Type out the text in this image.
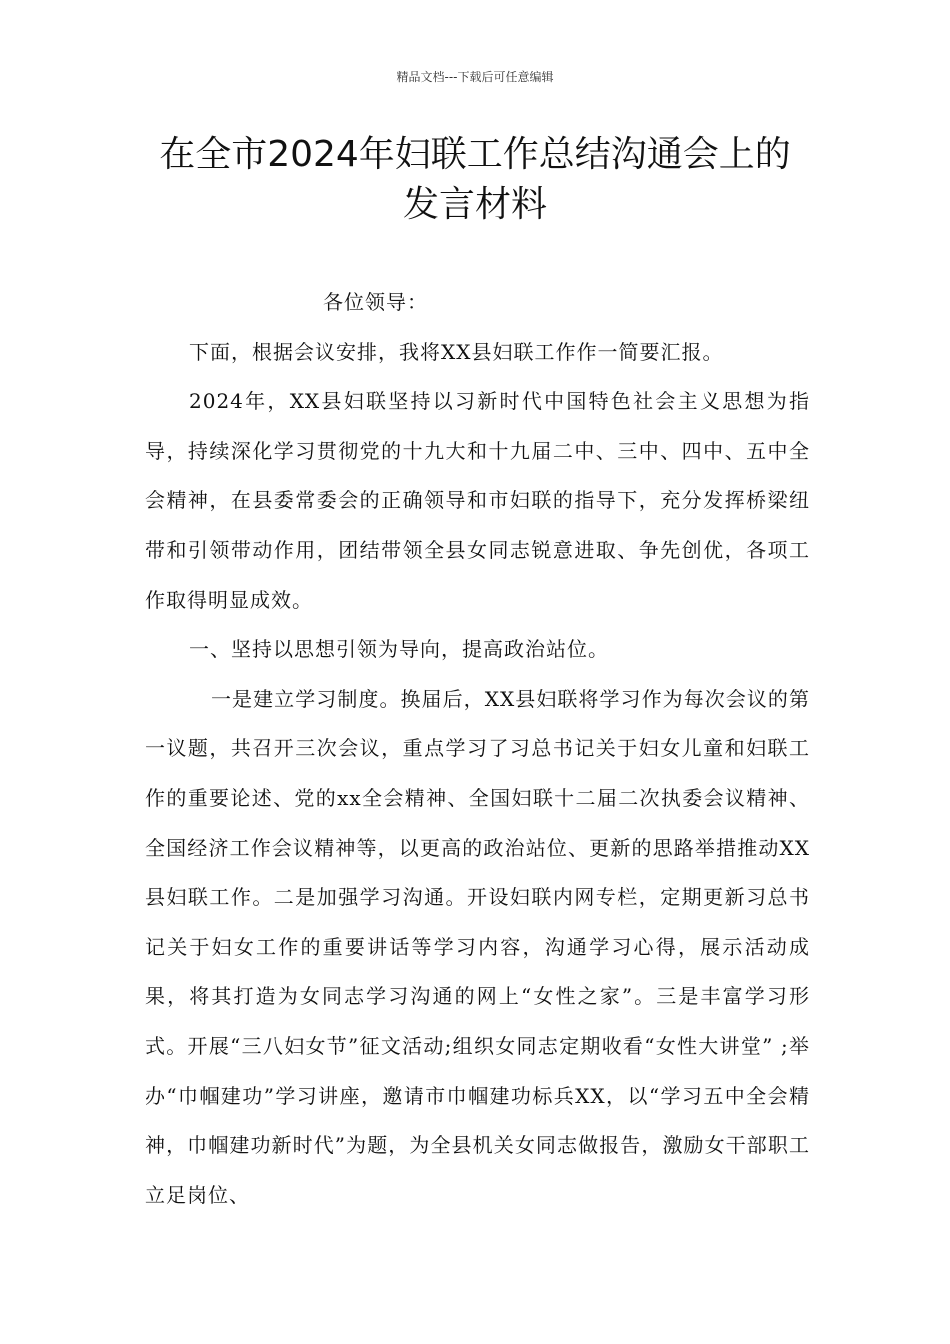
精品文档---下载后可任意编辑
在全市2024年妇联工作总结沟通会上的发言材料

各位领导：

下面，根据会议安排，我将XX县妇联工作作一简要汇报。

2024年，XX县妇联坚持以习新时代中国特色社会主义思想为指导，持续深化学习贯彻党的十九大和十九届二中、三中、四中、五中全会精神，在县委常委会的正确领导和市妇联的指导下，充分发挥桥梁纽带和引领带动作用，团结带领全县女同志锐意进取、争先创优，各项工作取得明显成效。

一、坚持以思想引领为导向，提高政治站位。

一是建立学习制度。换届后，XX县妇联将学习作为每次会议的第一议题，共召开三次会议，重点学习了习总书记关于妇女儿童和妇联工作的重要论述、党的xx全会精神、全国妇联十二届二次执委会议精神、全国经济工作会议精神等，以更高的政治站位、更新的思路举措推动XX县妇联工作。二是加强学习沟通。开设妇联内网专栏，定期更新习总书记关于妇女工作的重要讲话等学习内容，沟通学习心得，展示活动成果，将其打造为女同志学习沟通的网上“女性之家”。三是丰富学习形式。开展“三八妇女节”征文活动;组织女同志定期收看“女性大讲堂” ;举办“巾帼建功”学习讲座，邀请市巾帼建功标兵XX，以“学习五中全会精神，巾帼建功新时代”为题，为全县机关女同志做报告，激励女干部职工立足岗位、
